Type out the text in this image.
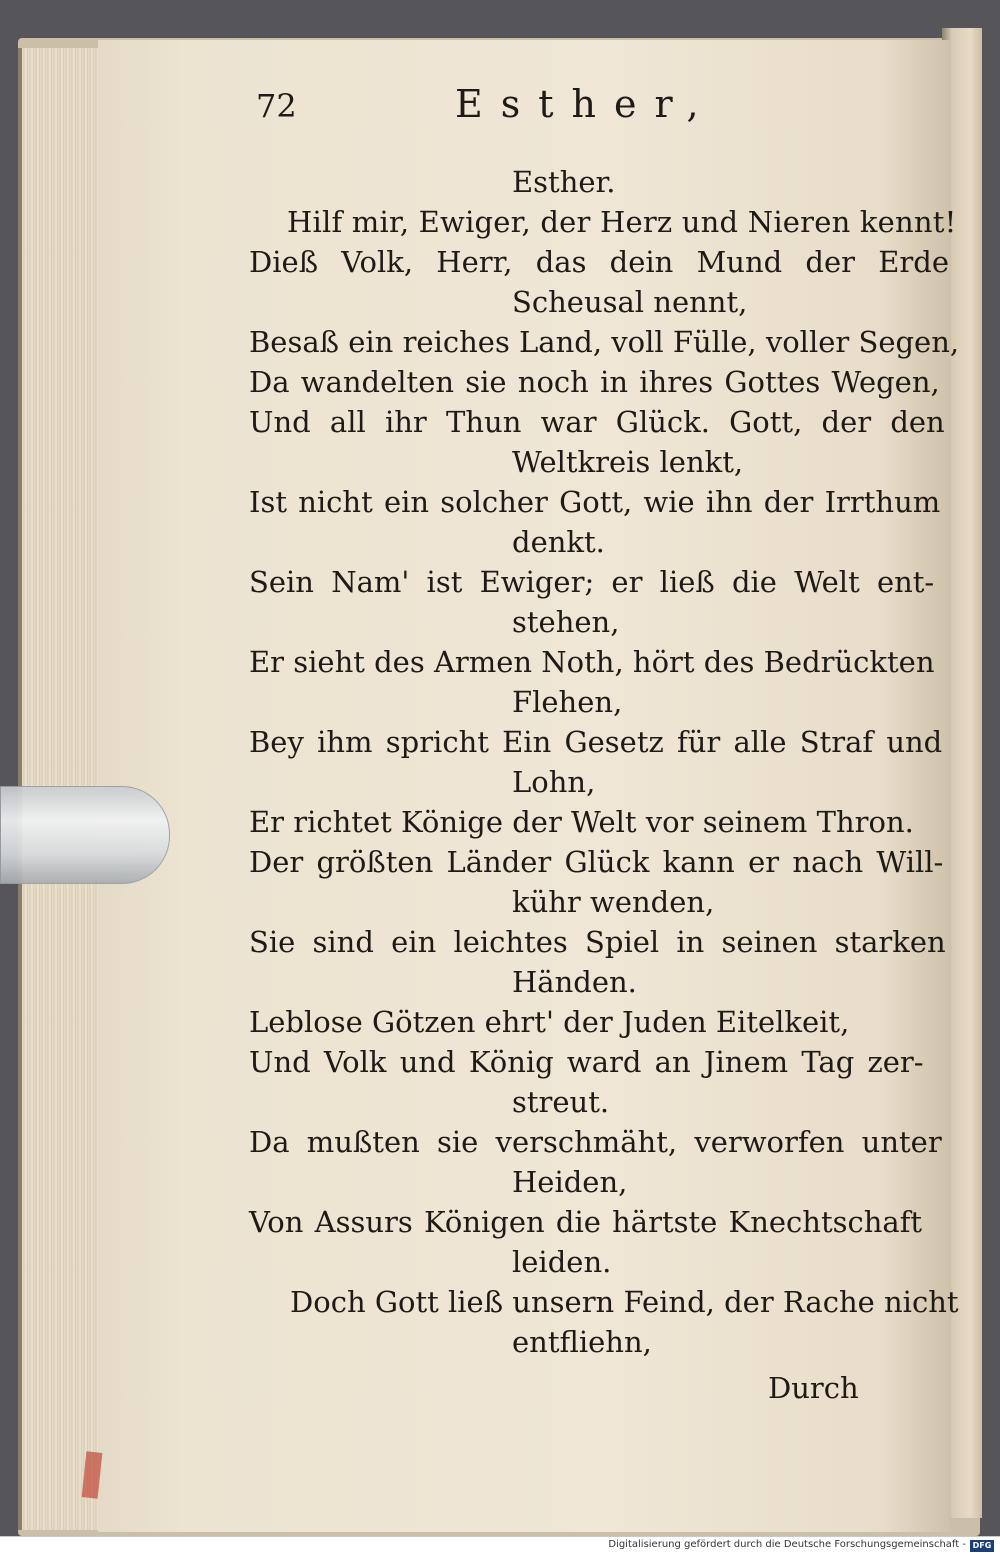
72	Esther,
Esther.
Hilf mir, Ewiger, der Herz und Nieren kennt!
Dieß Volk, Herr, das dein Mund der Erde
Scheusal nennt,
Besaß ein reiches Land, voll Fülle, voller Segen,
Da wandelten sie noch in ihres Gottes Wegen,
Und all ihr Thun war Glück. Gott, der den
Weltkreis lenkt,
Ist nicht ein solcher Gott, wie ihn der Irrthum
denkt.
Sein Nam' ist Ewiger; er ließ die Welt ent-
stehen,
Er sieht des Armen Noth, hört des Bedrückten
Flehen,
Bey ihm spricht Ein Gesetz für alle Straf und
Lohn,
Er richtet Könige der Welt vor seinem Thron.
Der größten Länder Glück kann er nach Will-
kühr wenden,
Sie sind ein leichtes Spiel in seinen starken
Händen.
Leblose Götzen ehrt' der Juden Eitelkeit,
Und Volk und König ward an Jinem Tag zer-
streut.
Da mußten sie verschmäht, verworfen unter
Heiden,
Von Assurs Königen die härtste Knechtschaft
leiden.
Doch Gott ließ unsern Feind, der Rache nicht
entfliehn,
Durch
Digitalisierung gefördert durch die Deutsche Forschungsgemeinschaft - DFG
